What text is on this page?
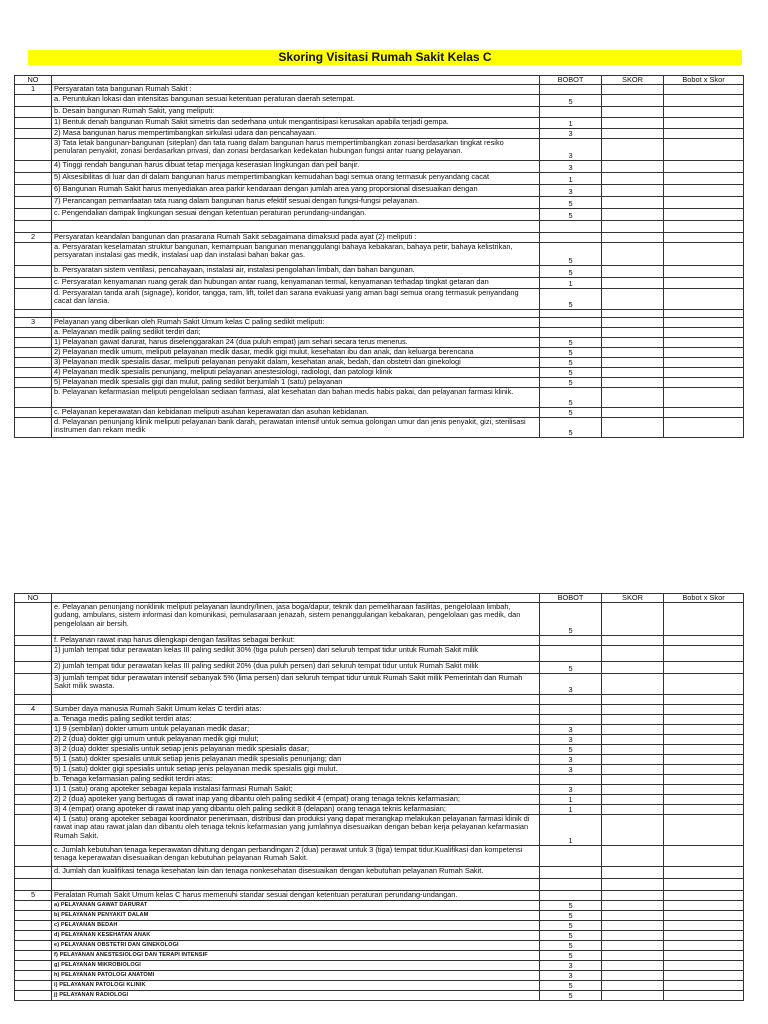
Skoring Visitasi Rumah Sakit Kelas C
NO		BOBOT	SKOR	Bobot x Skor
1	Persyaratan tata bangunan Rumah Sakit :			
	a. Peruntukan lokasi dan intensitas bangunan sesuai ketentuan peraturan daerah setempat.	5		
	b. Desain bangunan Rumah Sakit, yang meliputi:			
	1) Bentuk denah bangunan Rumah Sakit simetris dan sederhana untuk mengantisipasi kerusakan apabila terjadi gempa.	1		
	2) Masa bangunan harus mempertimbangkan sirkulasi udara dan pencahayaan.	3		
	3) Tata letak bangunan-bangunan (siteplan) dan tata ruang dalam bangunan harus mempertimbangkan zonasi berdasarkan tingkat resiko penularan penyakit, zonasi berdasarkan privasi, dan zonasi berdasarkan kedekatan hubungan fungsi antar ruang pelayanan.	3		
	4) Tinggi rendah bangunan harus dibuat tetap menjaga keserasian lingkungan dan peil banjir.	3		
	5) Aksesibilitas di luar dan di dalam bangunan harus mempertimbangkan kemudahan bagi semua orang termasuk penyandang cacat	1		
	6) Bangunan Rumah Sakit harus menyediakan area parkir kendaraan dengan jumlah area yang proporsional disesuaikan dengan	3		
	7) Perancangan pemanfaatan tata ruang dalam bangunan harus efektif sesuai dengan fungsi-fungsi pelayanan.	5		
	c. Pengendalian dampak lingkungan sesuai dengan ketentuan peraturan perundang-undangan.	5		

2	Persyaratan keandalan bangunan dan prasarana Rumah Sakit sebagaimana dimaksud pada ayat (2) meliputi :			
	a. Persyaratan keselamatan struktur bangunan, kemampuan bangunan menanggulangi bahaya kebakaran, bahaya petir, bahaya kelistrikan, persyaratan instalasi gas medik, instalasi uap dan instalasi bahan bakar gas.	5		
	b. Persyaratan sistem ventilasi, pencahayaan, instalasi air, instalasi pengolahan limbah, dan bahan bangunan.	5		
	c. Persyaratan kenyamanan ruang gerak dan hubungan antar ruang, kenyamanan termal, kenyamanan terhadap tingkat getaran dan	1		
	d. Persyaratan tanda arah (signage), koridor, tangga, ram, lift, toilet dan sarana evakuasi yang aman bagi semua orang termasuk penyandang cacat dan lansia.	5		

3	Pelayanan yang diberikan oleh Rumah Sakit Umum kelas C paling sedikit meliputi:			
	a. Pelayanan medik paling sedikit terdiri dari;			
	1) Pelayanan gawat darurat, harus diselenggarakan 24 (dua puluh empat) jam sehari secara terus menerus.	5		
	2) Pelayanan medik umum, meliputi pelayanan medik dasar, medik gigi mulut, kesehatan ibu dan anak, dan keluarga berencana	5		
	3) Pelayanan medik spesialis dasar, meliputi pelayanan penyakit dalam, kesehatan anak, bedah, dan obstetri dan ginekologi	5		
	4) Pelayanan medik spesialis penunjang, meliputi pelayanan anestesiologi, radiologi, dan patologi klinik	5		
	5) Pelayanan medik spesialis gigi dan mulut, paling sedikit berjumlah 1 (satu) pelayanan	5		
	b. Pelayanan kefarmasian meliputi pengelolaan sediaan farmasi, alat kesehatan dan bahan medis habis pakai, dan pelayanan farmasi klinik.	5		
	c. Pelayanan keperawatan dan kebidanan meliputi asuhan keperawatan dan asuhan kebidanan.	5		
	d. Pelayanan penunjang klinik meliputi pelayanan bank darah, perawatan intensif untuk semua golongan umur dan jenis penyakit, gizi, sterilisasi instrumen dan rekam medik	5		
NO		BOBOT	SKOR	Bobot x Skor
	e. Pelayanan penunjang nonklinik meliputi pelayanan laundry/linen, jasa boga/dapur, teknik dan pemeliharaan fasilitas, pengelolaan limbah, gudang, ambulans, sistem informasi dan komunikasi, pemulasaraan jenazah, sistem penanggulangan kebakaran, pengelolaan gas medik, dan pengelolaan air bersih.	5		
	f. Pelayanan rawat inap harus dilengkapi dengan fasilitas sebagai berikut:			
	1) jumlah tempat tidur perawatan kelas III paling sedikit 30% (tiga puluh persen) dari seluruh tempat tidur untuk Rumah Sakit milik			
	2) jumlah tempat tidur perawatan kelas III paling sedikit 20% (dua puluh persen) dari seluruh tempat tidur untuk Rumah Sakit milik	5		
	3) jumlah tempat tidur perawatan intensif sebanyak 5% (lima persen) dari seluruh tempat tidur untuk Rumah Sakit milik Pemerintah dan Rumah Sakit milik swasta.	3		

4	Sumber daya manusia Rumah Sakit Umum kelas C terdiri atas:			
	a. Tenaga medis paling sedikit terdiri atas:			
	1) 9 (sembilan) dokter umum untuk pelayanan medik dasar;	3		
	2) 2 (dua) dokter gigi umum untuk pelayanan medik gigi mulut;	3		
	3) 2 (dua) dokter spesialis untuk setiap jenis pelayanan medik spesialis dasar;	5		
	5) 1 (satu) dokter spesialis untuk setiap jenis pelayanan medik spesialis penunjang; dan	3		
	5) 1 (satu) dokter gigi spesialis untuk setiap jenis pelayanan medik spesialis gigi mulut.	3		
	b. Tenaga kefarmasian paling sedikit terdiri atas:			
	1) 1 (satu) orang apoteker sebagai kepala instalasi farmasi Rumah Sakit;	3		
	2) 2 (dua) apoteker yang bertugas di rawat inap yang dibantu oleh paling sedikit 4 (empat) orang tenaga teknis kefarmasian;	1		
	3) 4 (empat) orang apoteker di rawat inap yang dibantu oleh paling sedikit 8 (delapan) orang tenaga teknis kefarmasian;	1		
	4) 1 (satu) orang apoteker sebagai koordinator penerimaan, distribusi dan produksi yang dapat merangkap melakukan pelayanan farmasi klinik di rawat inap atau rawat jalan dan dibantu oleh tenaga teknis kefarmasian yang jumlahnya disesuaikan dengan beban kerja pelayanan kefarmasian Rumah Sakit.	1		
	c. Jumlah kebutuhan tenaga keperawatan dihitung dengan perbandingan 2 (dua) perawat untuk 3 (tiga) tempat tidur.Kualifikasi dan kompetensi tenaga keperawatan disesuaikan dengan kebutuhan pelayanan Rumah Sakit.			
	d. Jumlah dan kualifikasi tenaga kesehatan lain dan tenaga nonkesehatan disesuaikan dengan kebutuhan pelayanan Rumah Sakit.			

5	Peralatan Rumah Sakit Umum kelas C harus memenuhi standar sesuai dengan ketentuan peraturan perundang-undangan.			
	a) PELAYANAN GAWAT DARURAT	5		
	b) PELAYANAN PENYAKIT DALAM	5		
	c) PELAYANAN BEDAH	5		
	d) PELAYANAN KESEHATAN ANAK	5		
	e) PELAYANAN OBSTETRI DAN GINEKOLOGI	5		
	f) PELAYANAN ANESTESIOLOGI DAN TERAPI INTENSIF	5		
	g) PELAYANAN MIKROBIOLOGI	3		
	h) PELAYANAN PATOLOGI ANATOMI	3		
	i) PELAYANAN PATOLOGI KLINIK	5		
	j) PELAYANAN RADIOLOGI	5		
